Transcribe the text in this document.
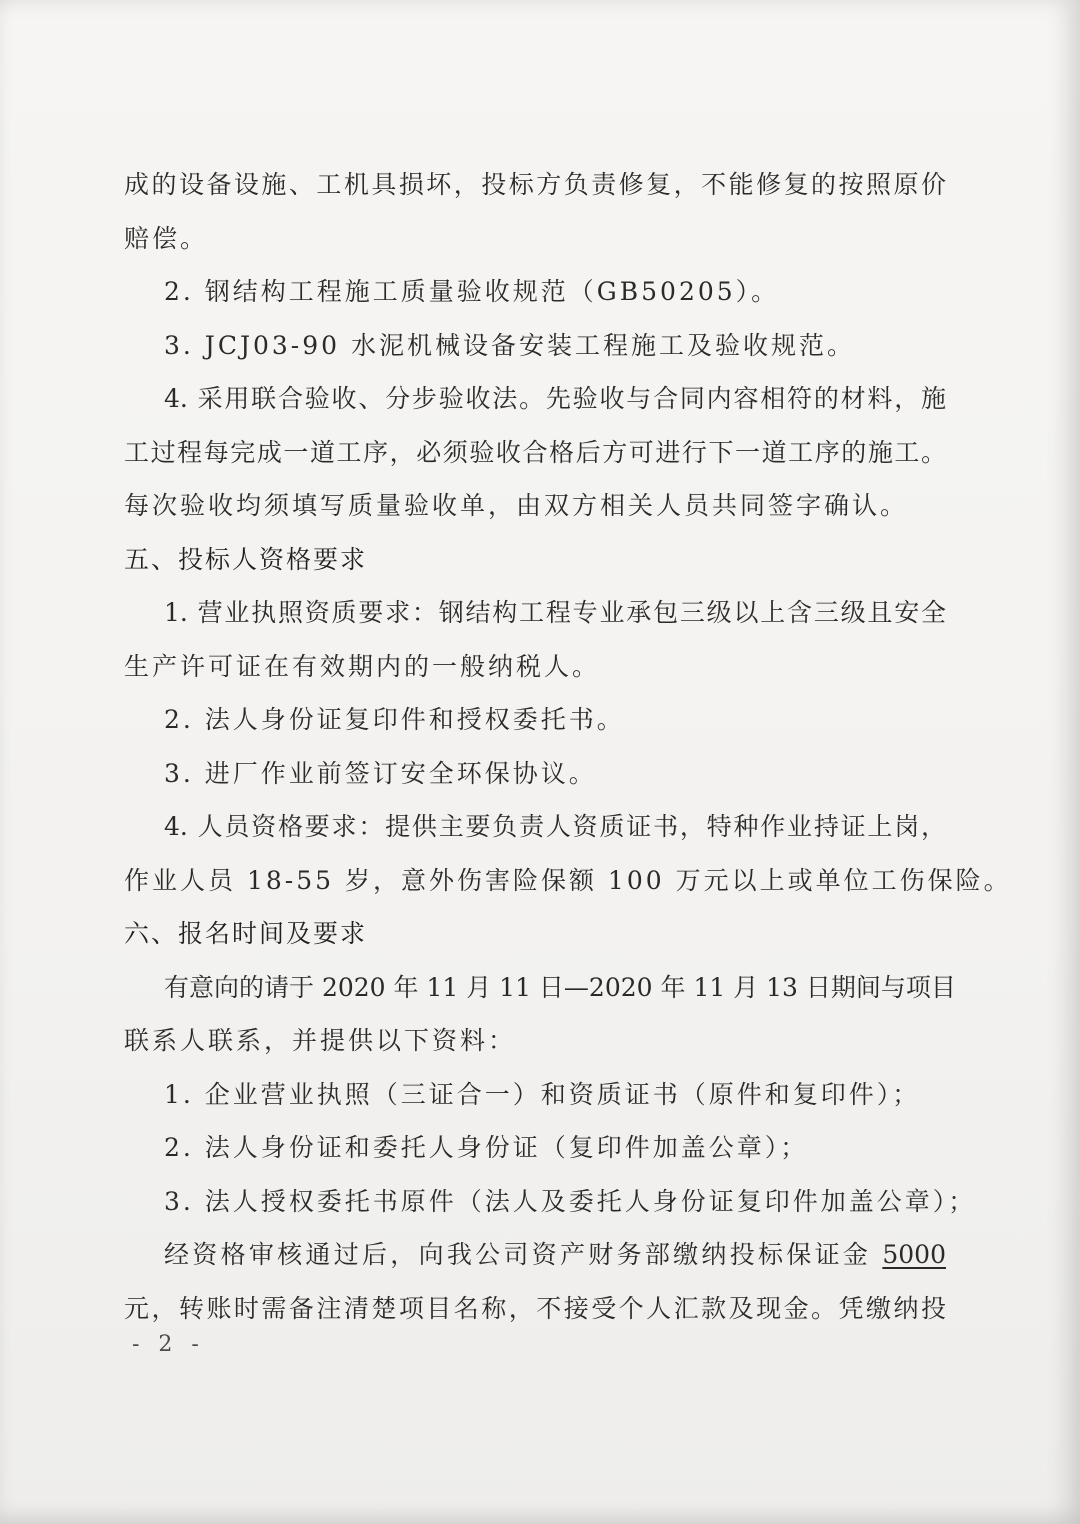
成的设备设施、工机具损坏，投标方负责修复，不能修复的按照原价
赔偿。
2. 钢结构工程施工质量验收规范（GB50205）。
3. JCJ03-90 水泥机械设备安装工程施工及验收规范。
4. 采用联合验收、分步验收法。先验收与合同内容相符的材料，施
工过程每完成一道工序，必须验收合格后方可进行下一道工序的施工。
每次验收均须填写质量验收单，由双方相关人员共同签字确认。
五、投标人资格要求
1. 营业执照资质要求：钢结构工程专业承包三级以上含三级且安全
生产许可证在有效期内的一般纳税人。
2. 法人身份证复印件和授权委托书。
3. 进厂作业前签订安全环保协议。
4. 人员资格要求：提供主要负责人资质证书，特种作业持证上岗，
作业人员 18-55 岁，意外伤害险保额 100 万元以上或单位工伤保险。
六、报名时间及要求
有意向的请于 2020 年 11 月 11 日—2020 年 11 月 13 日期间与项目
联系人联系，并提供以下资料：
1. 企业营业执照（三证合一）和资质证书（原件和复印件）；
2. 法人身份证和委托人身份证（复印件加盖公章）；
3. 法人授权委托书原件（法人及委托人身份证复印件加盖公章）；
经资格审核通过后，向我公司资产财务部缴纳投标保证金 5000
元，转账时需备注清楚项目名称，不接受个人汇款及现金。凭缴纳投
- 2 -
